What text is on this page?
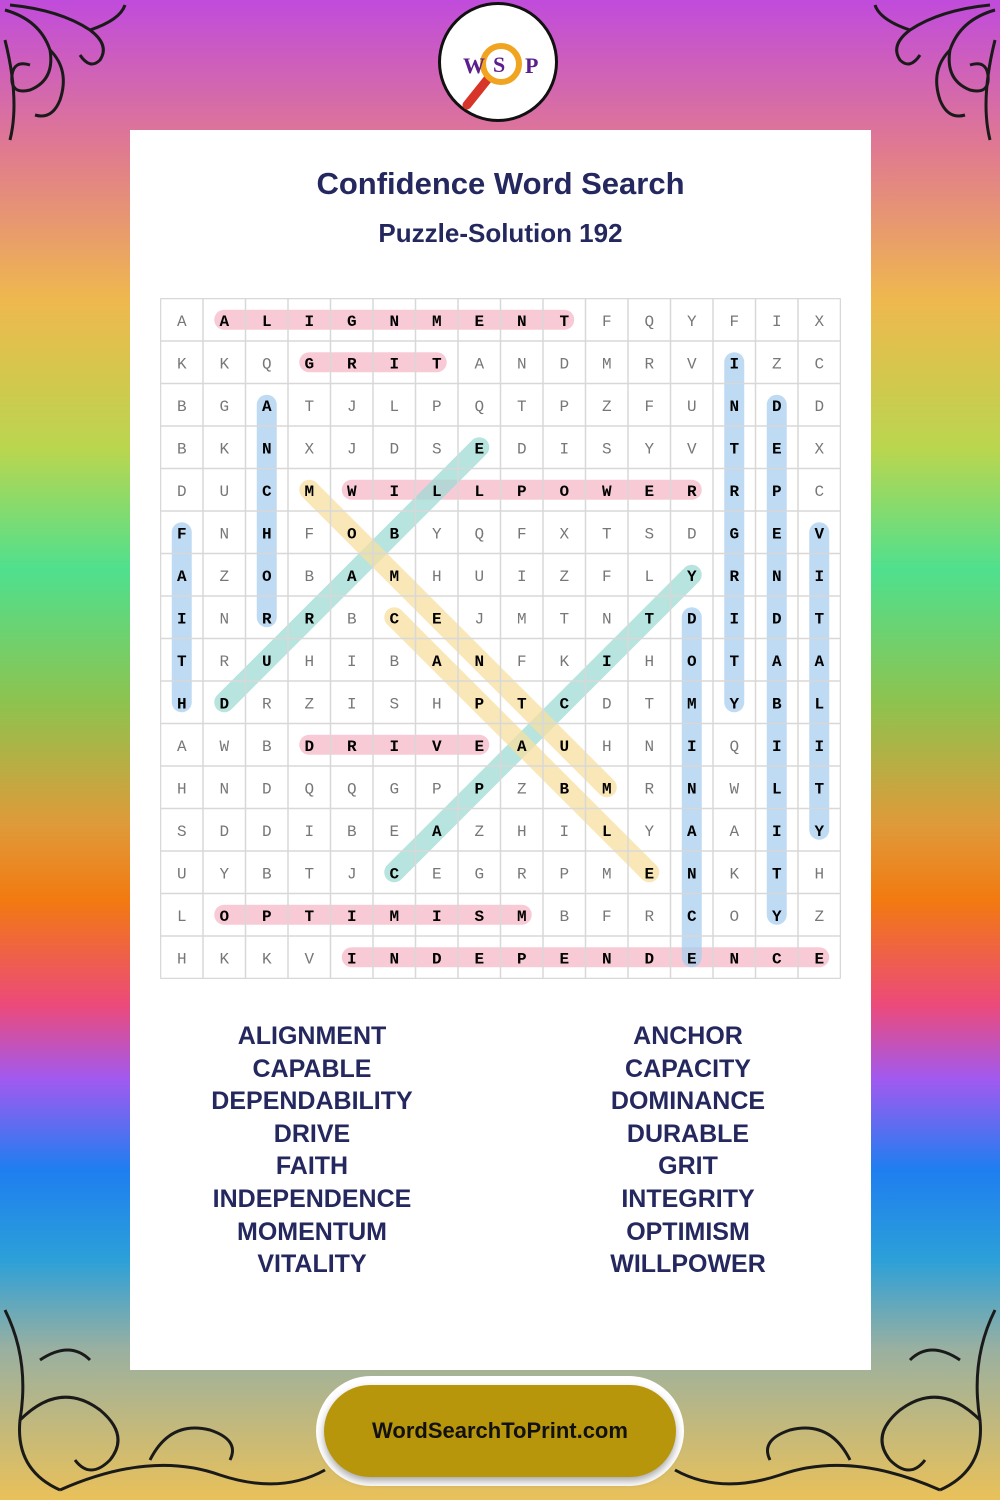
W S P
Confidence Word Search
Puzzle-Solution 192
A A L I G N M E N T F Q Y F I X
K K Q G R I T A N D M R V I Z C
B G A T J L P Q T P Z F U N D D
B K N X J D S E D I S Y V T E X
D U C M W I L L P O W E R R P C
F N H F O B Y Q F X T S D G E V
A Z O B A M H U I Z F L Y R N I
I N R R B C E J M T N T D I D T
T R U H I B A N F K I H O T A A
H D R Z I S H P T C D T M Y B L
A W B D R I V E A U H N I Q I I
H N D Q Q G P P Z B M R N W L T
S D D I B E A Z H I L Y A A I Y
U Y B T J C E G R P M E N K T H
L O P T I M I S M B F R C O Y Z
H K K V I N D E P E N D E N C E
ALIGNMENT
CAPABLE
DEPENDABILITY
DRIVE
FAITH
INDEPENDENCE
MOMENTUM
VITALITY
ANCHOR
CAPACITY
DOMINANCE
DURABLE
GRIT
INTEGRITY
OPTIMISM
WILLPOWER
WordSearchToPrint.com
